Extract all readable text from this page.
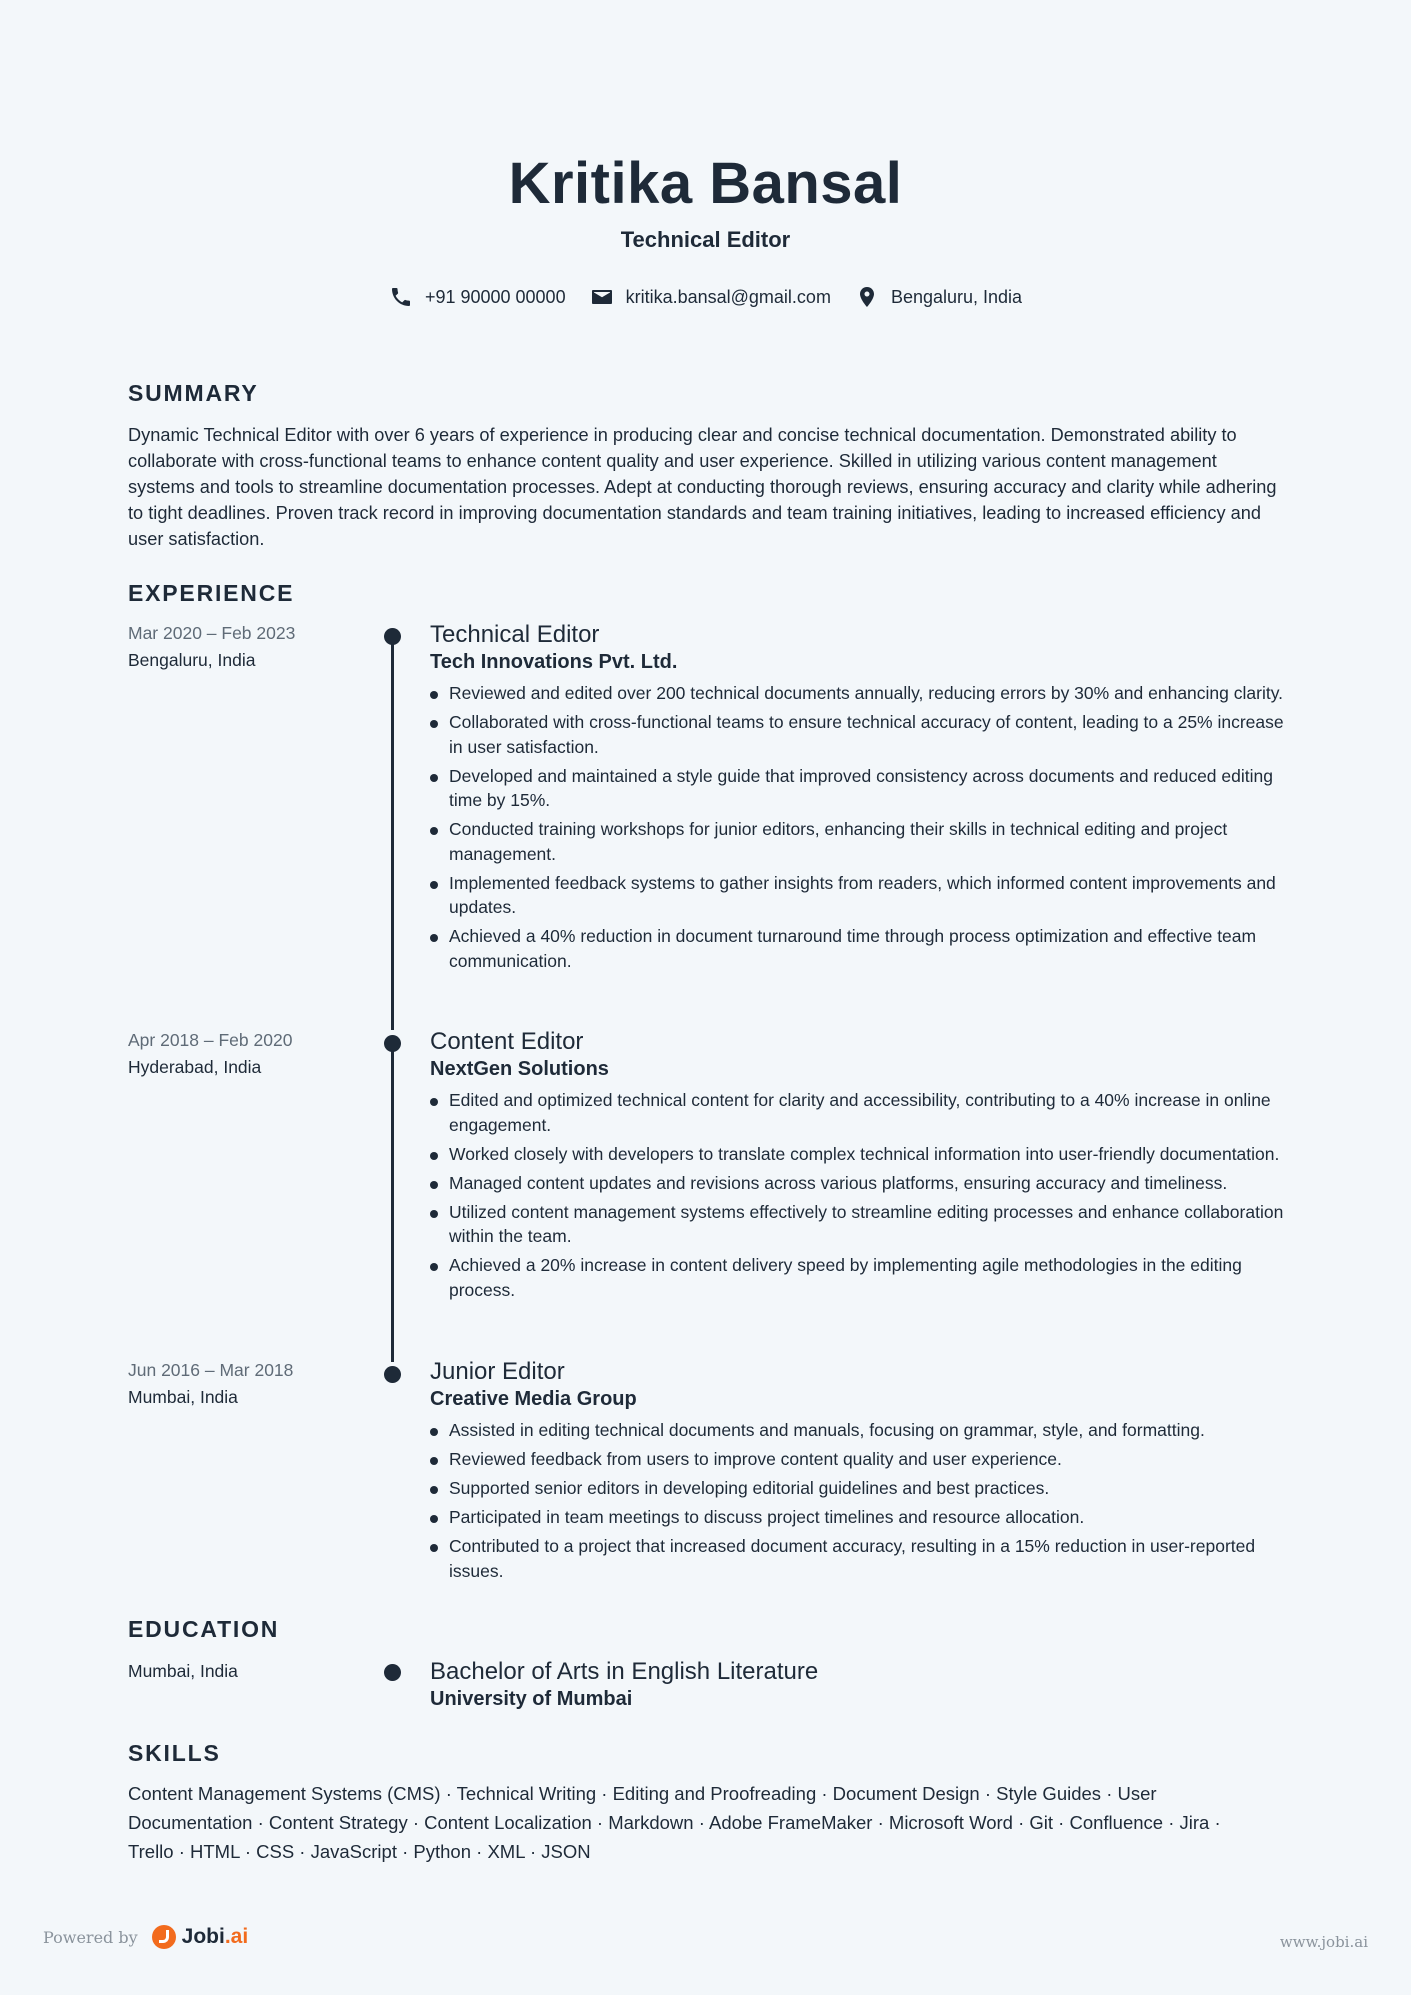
Kritika Bansal

Technical Editor

+91 90000 00000	kritika.bansal@gmail.com	Bengaluru, India
SUMMARY

Dynamic Technical Editor with over 6 years of experience in producing clear and concise technical documentation. Demonstrated ability to collaborate with cross-functional teams to enhance content quality and user experience. Skilled in utilizing various content management systems and tools to streamline documentation processes. Adept at conducting thorough reviews, ensuring accuracy and clarity while adhering to tight deadlines. Proven track record in improving documentation standards and team training initiatives, leading to increased efficiency and user satisfaction.

EXPERIENCE
Mar 2020 – Feb 2023
Bengaluru, India

Technical Editor

Tech Innovations Pvt. Ltd.

Reviewed and edited over 200 technical documents annually, reducing errors by 30% and enhancing clarity.
Collaborated with cross-functional teams to ensure technical accuracy of content, leading to a 25% increase in user satisfaction.
Developed and maintained a style guide that improved consistency across documents and reduced editing time by 15%.
Conducted training workshops for junior editors, enhancing their skills in technical editing and project management.
Implemented feedback systems to gather insights from readers, which informed content improvements and updates.
Achieved a 40% reduction in document turnaround time through process optimization and effective team communication.
Apr 2018 – Feb 2020
Hyderabad, India

Content Editor

NextGen Solutions

Edited and optimized technical content for clarity and accessibility, contributing to a 40% increase in online engagement.
Worked closely with developers to translate complex technical information into user-friendly documentation.
Managed content updates and revisions across various platforms, ensuring accuracy and timeliness.
Utilized content management systems effectively to streamline editing processes and enhance collaboration within the team.
Achieved a 20% increase in content delivery speed by implementing agile methodologies in the editing process.
Jun 2016 – Mar 2018
Mumbai, India

Junior Editor

Creative Media Group

Assisted in editing technical documents and manuals, focusing on grammar, style, and formatting.
Reviewed feedback from users to improve content quality and user experience.
Supported senior editors in developing editorial guidelines and best practices.
Participated in team meetings to discuss project timelines and resource allocation.
Contributed to a project that increased document accuracy, resulting in a 15% reduction in user-reported issues.
EDUCATION
Mumbai, India	Bachelor of Arts in English Literature

University of Mumbai

SKILLS

Content Management Systems (CMS) · Technical Writing · Editing and Proofreading · Document Design · Style Guides · User Documentation · Content Strategy · Content Localization · Markdown · Adobe FrameMaker · Microsoft Word · Git · Confluence · Jira · Trello · HTML · CSS · JavaScript · Python · XML · JSON

Powered by Jobi.ai	www.jobi.ai
